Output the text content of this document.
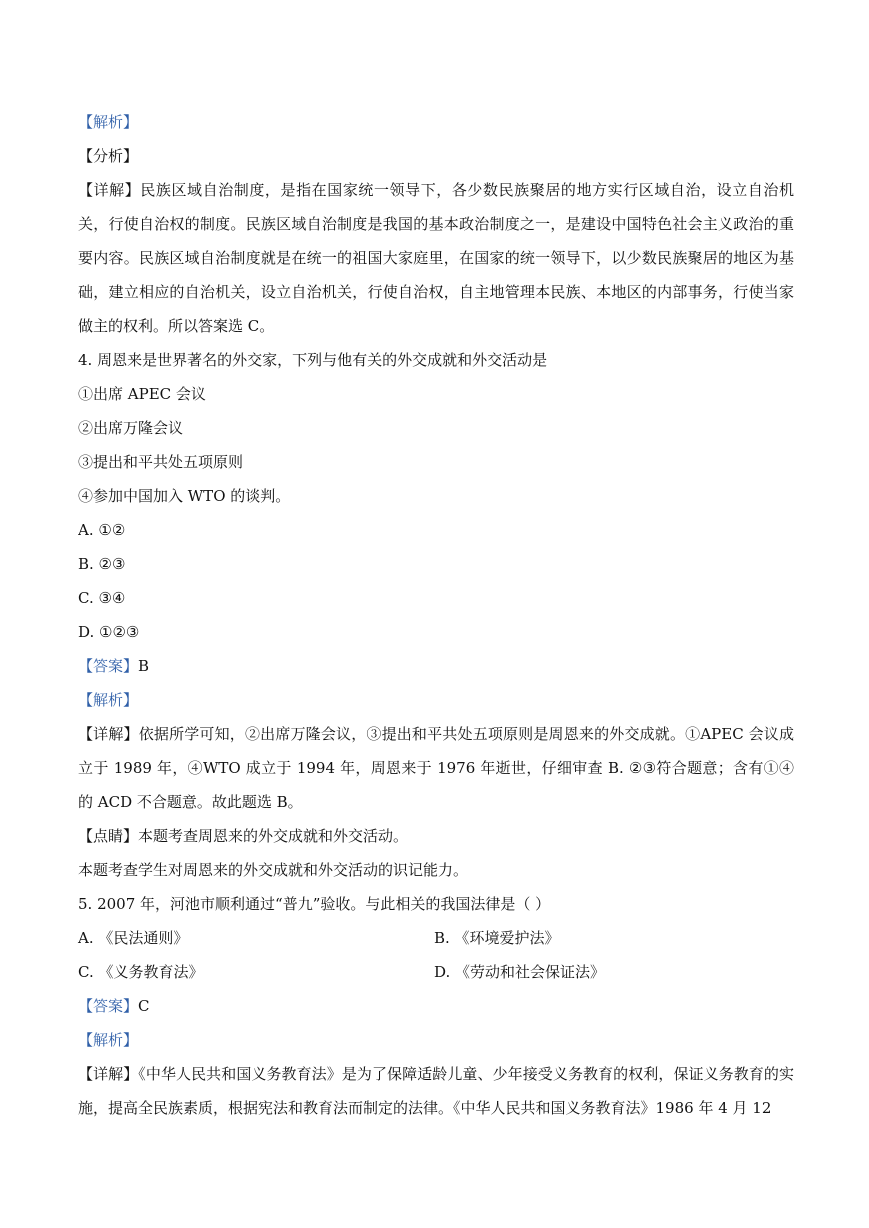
【解析】
【分析】
【详解】民族区域自治制度，是指在国家统一领导下，各少数民族聚居的地方实行区域自治，设立自治机关，行使自治权的制度。民族区域自治制度是我国的基本政治制度之一，是建设中国特色社会主义政治的重要内容。民族区域自治制度就是在统一的祖国大家庭里，在国家的统一领导下，以少数民族聚居的地区为基础，建立相应的自治机关，设立自治机关，行使自治权，自主地管理本民族、本地区的内部事务，行使当家做主的权利。所以答案选 C。
4. 周恩来是世界著名的外交家，下列与他有关的外交成就和外交活动是
①出席 APEC 会议
②出席万隆会议
③提出和平共处五项原则
④参加中国加入 WTO 的谈判。
A. ①②
B. ②③
C. ③④
D. ①②③
【答案】B
【解析】
【详解】依据所学可知，②出席万隆会议，③提出和平共处五项原则是周恩来的外交成就。①APEC 会议成立于 1989 年，④WTO 成立于 1994 年，周恩来于 1976 年逝世，仔细审查 B. ②③符合题意；含有①④的 ACD 不合题意。故此题选 B。
【点睛】本题考查周恩来的外交成就和外交活动。
本题考查学生对周恩来的外交成就和外交活动的识记能力。
5. 2007 年，河池市顺利通过“普九”验收。与此相关的我国法律是（ ）
A. 《民法通则》	B. 《环境爱护法》
C. 《义务教育法》	D. 《劳动和社会保证法》
【答案】C
【解析】
【详解】《中华人民共和国义务教育法》是为了保障适龄儿童、少年接受义务教育的权利，保证义务教育的实施，提高全民族素质，根据宪法和教育法而制定的法律。《中华人民共和国义务教育法》1986 年 4 月 12
